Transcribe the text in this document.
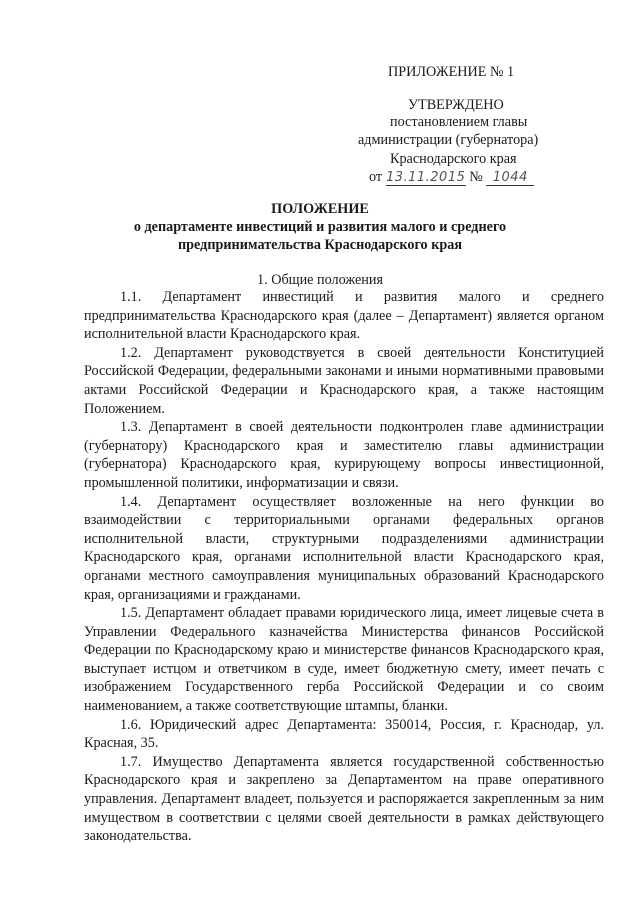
ПРИЛОЖЕНИЕ № 1
УТВЕРЖДЕНО
постановлением главы
администрации (губернатора)
Краснодарского края
от 13.11.2015 № 1044
ПОЛОЖЕНИЕ
о департаменте инвестиций и развития малого и среднего
предпринимательства Краснодарского края
1. Общие положения

1.1. Департамент инвестиций и развития малого и среднего предпринимательства Краснодарского края (далее – Департамент) является органом исполнительной власти Краснодарского края.

1.2. Департамент руководствуется в своей деятельности Конституцией Российской Федерации, федеральными законами и иными нормативными правовыми актами Российской Федерации и Краснодарского края, а также настоящим Положением.

1.3. Департамент в своей деятельности подконтролен главе администрации (губернатору) Краснодарского края и заместителю главы администрации (губернатора) Краснодарского края, курирующему вопросы инвестиционной, промышленной политики, информатизации и связи.

1.4. Департамент осуществляет возложенные на него функции во взаимодействии с территориальными органами федеральных органов исполнительной власти, структурными подразделениями администрации Краснодарского края, органами исполнительной власти Краснодарского края, органами местного самоуправления муниципальных образований Краснодарского края, организациями и гражданами.

1.5. Департамент обладает правами юридического лица, имеет лицевые счета в Управлении Федерального казначейства Министерства финансов Российской Федерации по Краснодарскому краю и министерстве финансов Краснодарского края, выступает истцом и ответчиком в суде, имеет бюджетную смету, имеет печать с изображением Государственного герба Российской Федерации и со своим наименованием, а также соответствующие штампы, бланки.

1.6. Юридический адрес Департамента: 350014, Россия, г. Краснодар, ул. Красная, 35.

1.7. Имущество Департамента является государственной собственностью Краснодарского края и закреплено за Департаментом на праве оперативного управления. Департамент владеет, пользуется и распоряжается закрепленным за ним имуществом в соответствии с целями своей деятельности в рамках действующего законодательства.
